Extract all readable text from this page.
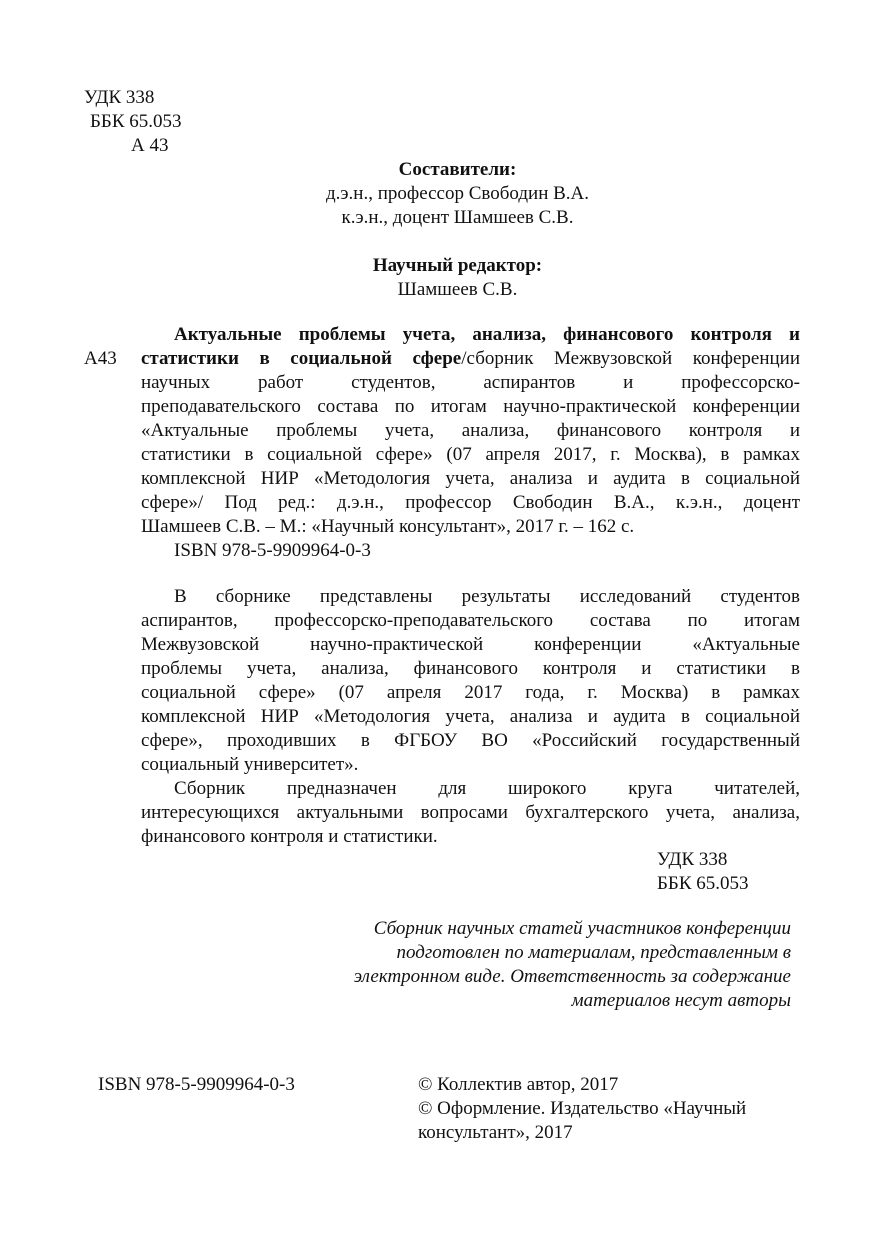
УДК 338
ББК 65.053
А 43
Составители:
д.э.н., профессор Свободин В.А.
к.э.н., доцент Шамшеев С.В.
Научный редактор:
Шамшеев С.В.
Актуальные проблемы учета, анализа, финансового контроля и
А43 статистики в социальной сфере/сборник Межвузовской конференции
научных работ студентов, аспирантов и профессорско-
преподавательского состава по итогам научно-практической конференции
«Актуальные проблемы учета, анализа, финансового контроля и
статистики в социальной сфере» (07 апреля 2017, г. Москва), в рамках
комплексной НИР «Методология учета, анализа и аудита в социальной
сфере»/ Под ред.: д.э.н., профессор Свободин В.А., к.э.н., доцент
Шамшеев С.В. – М.: «Научный консультант», 2017 г. – 162 с.
ISBN 978-5-9909964-0-3
В сборнике представлены результаты исследований студентов
аспирантов, профессорско-преподавательского состава по итогам
Межвузовской научно-практической конференции «Актуальные
проблемы учета, анализа, финансового контроля и статистики в
социальной сфере» (07 апреля 2017 года, г. Москва) в рамках
комплексной НИР «Методология учета, анализа и аудита в социальной
сфере», проходивших в ФГБОУ ВО «Российский государственный
социальный университет».
Сборник предназначен для широкого круга читателей,
интересующихся актуальными вопросами бухгалтерского учета, анализа,
финансового контроля и статистики.
УДК 338
ББК 65.053
Сборник научных статей участников конференции
подготовлен по материалам, представленным в
электронном виде. Ответственность за содержание
материалов несут авторы
ISBN 978-5-9909964-0-3	© Коллектив автор, 2017
© Оформление. Издательство «Научный
консультант», 2017
